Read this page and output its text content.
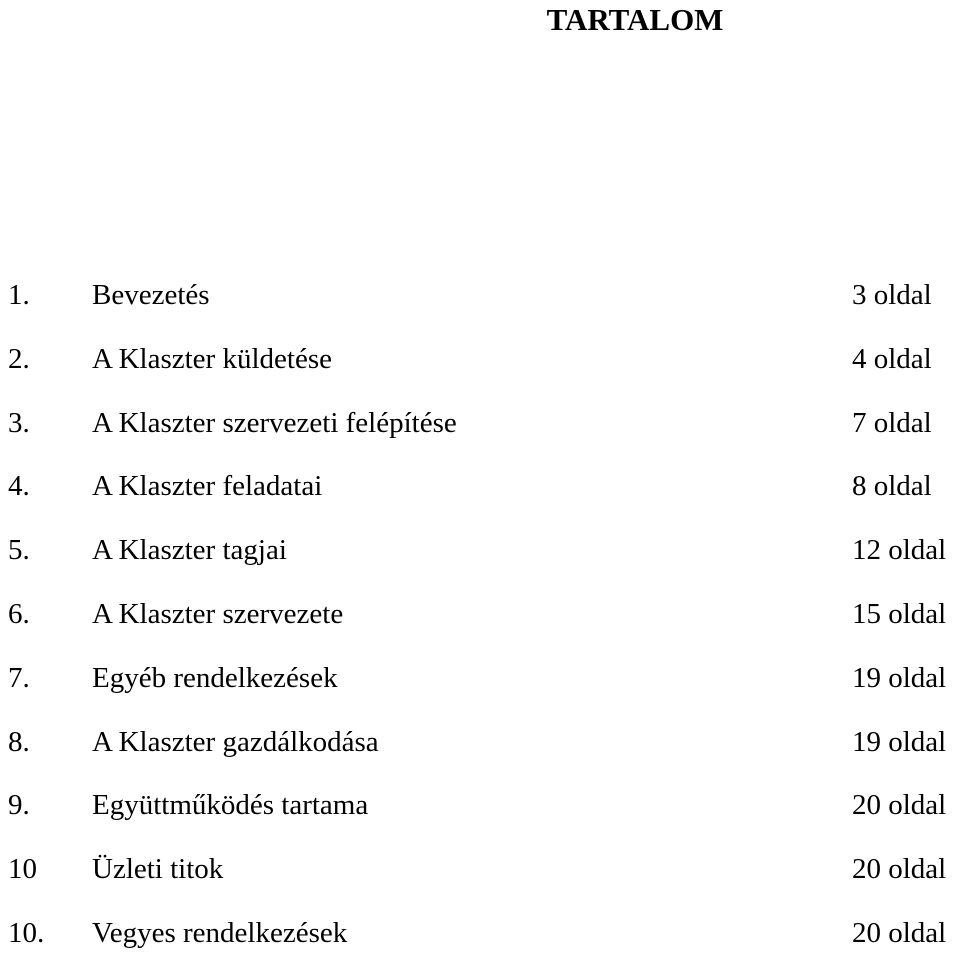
TARTALOM
1. Bevezetés	3 oldal
2. A Klaszter küldetése	4 oldal
3. A Klaszter szervezeti felépítése	7 oldal
4. A Klaszter feladatai	8 oldal
5. A Klaszter tagjai	12 oldal
6. A Klaszter szervezete	15 oldal
7. Egyéb rendelkezések	19 oldal
8. A Klaszter gazdálkodása	19 oldal
9. Együttműködés tartama	20 oldal
10 Üzleti titok	20 oldal
10. Vegyes rendelkezések	20 oldal
